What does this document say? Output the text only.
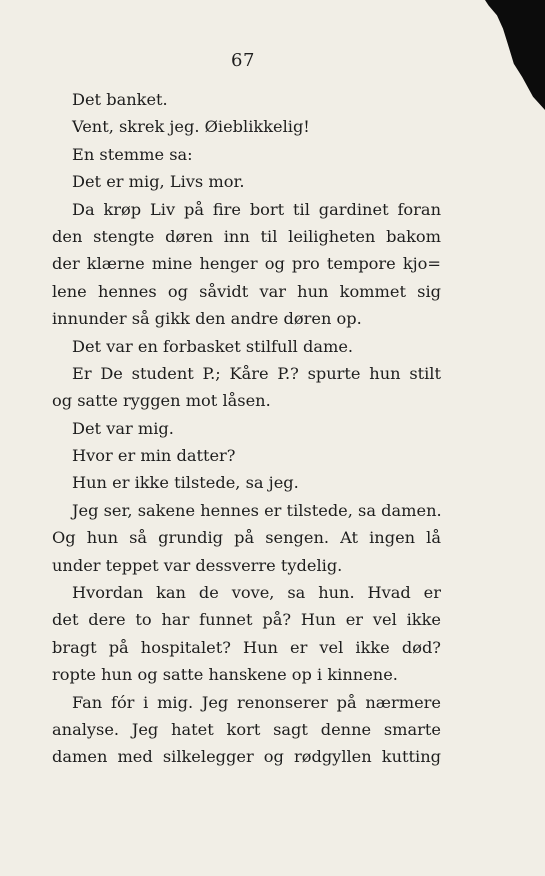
67
Det banket.
Vent, skrek jeg. Øieblikkelig!
En stemme sa:
Det er mig, Livs mor.
Da krøp Liv på fire bort til gardinet foran
den stengte døren inn til leiligheten bakom
der klærne mine henger og pro tempore kjo=
lene hennes og såvidt var hun kommet sig
innunder så gikk den andre døren op.
Det var en forbasket stilfull dame.
Er De student P.; Kåre P.? spurte hun stilt
og satte ryggen mot låsen.
Det var mig.
Hvor er min datter?
Hun er ikke tilstede, sa jeg.
Jeg ser, sakene hennes er tilstede, sa damen.
Og hun så grundig på sengen. At ingen lå
under teppet var dessverre tydelig.
Hvordan kan de vove, sa hun. Hvad er
det dere to har funnet på? Hun er vel ikke
bragt på hospitalet? Hun er vel ikke død?
ropte hun og satte hanskene op i kinnene.
Fan fór i mig. Jeg renonserer på nærmere
analyse. Jeg hatet kort sagt denne smarte
damen med silkelegger og rødgyllen kutting
